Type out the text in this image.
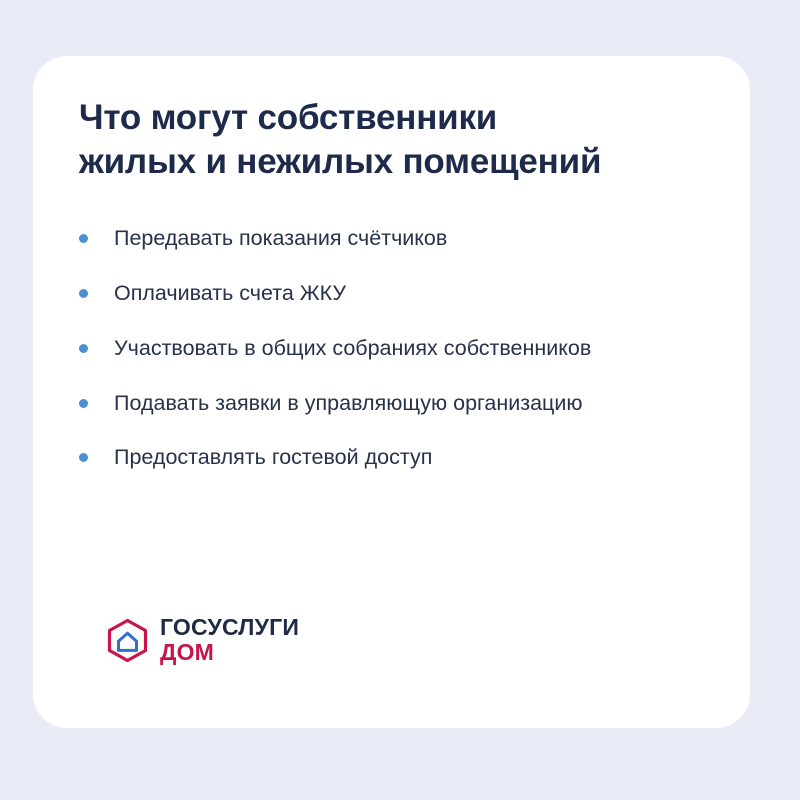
Что могут собственники
жилых и нежилых помещений
Передавать показания счётчиков
Оплачивать счета ЖКУ
Участвовать в общих собраниях собственников
Подавать заявки в управляющую организацию
Предоставлять гостевой доступ
ГОСУСЛУГИ
ДОМ
